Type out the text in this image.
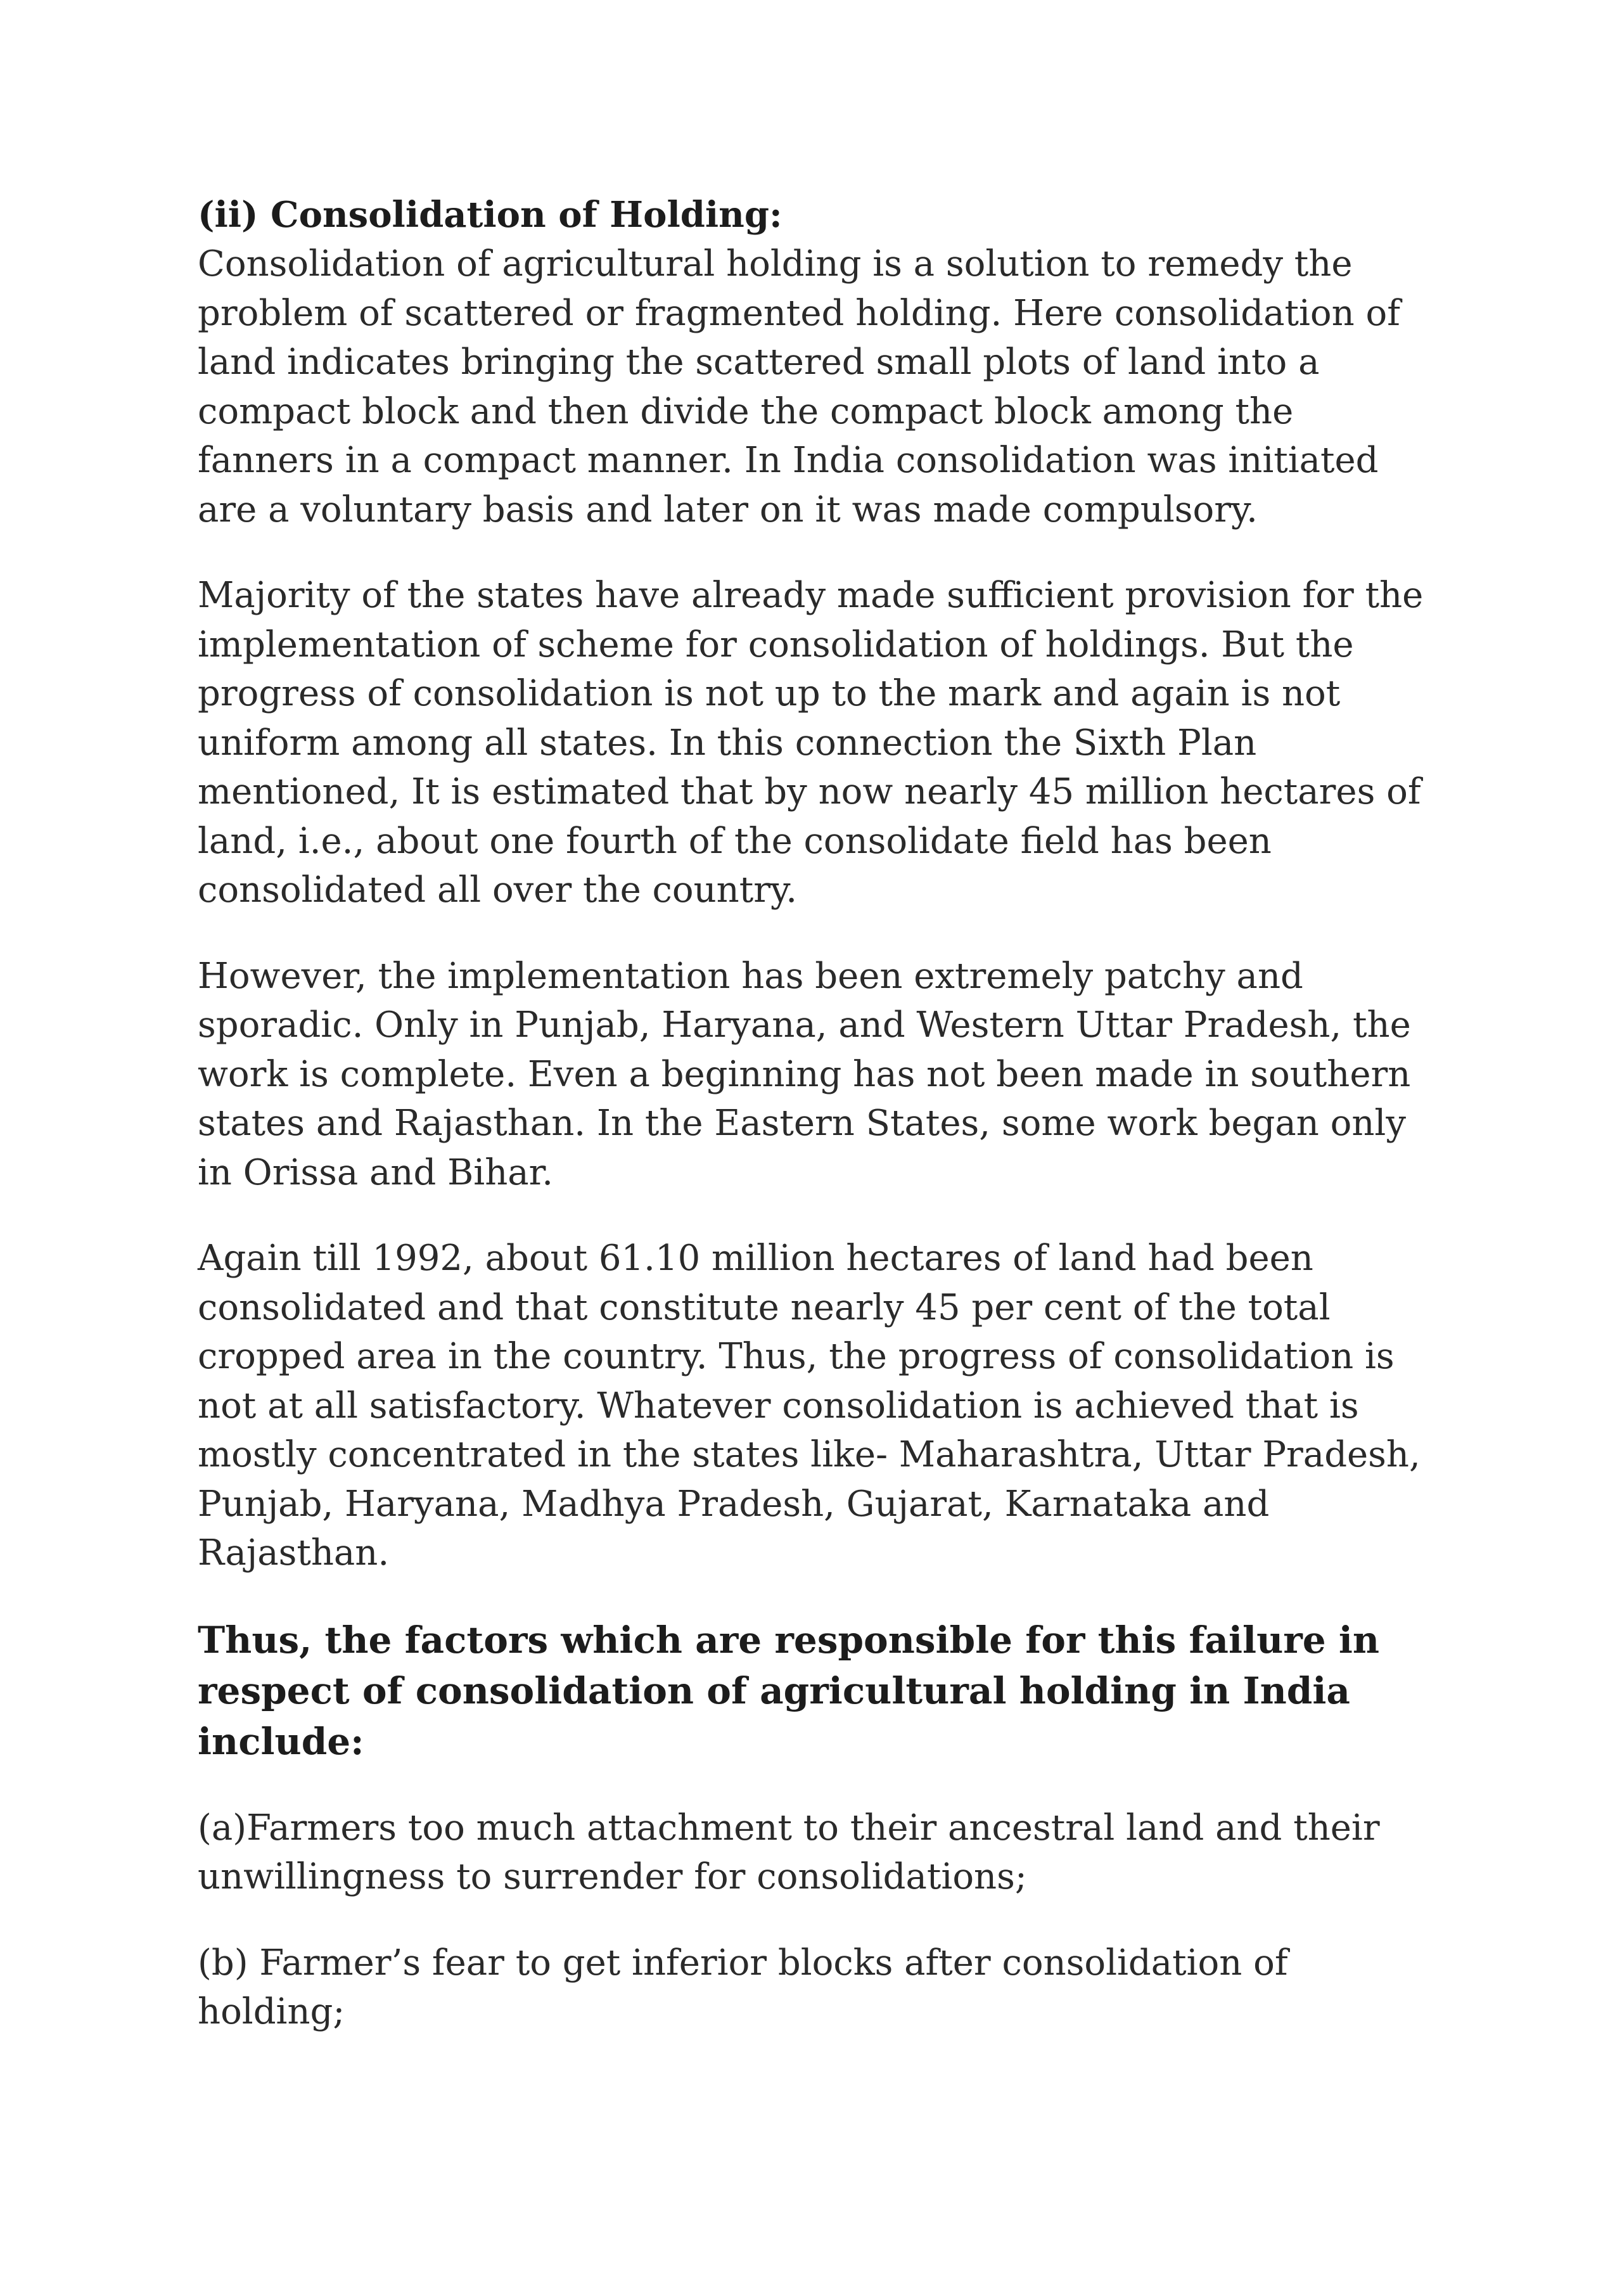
(ii) Consolidation of Holding:

Consolidation of agricultural holding is a solution to remedy the problem of scattered or fragmented holding. Here consolidation of land indicates bringing the scattered small plots of land into a compact block and then divide the compact block among the fanners in a compact manner. In India consolidation was initiated are a voluntary basis and later on it was made compulsory.

Majority of the states have already made sufficient provision for the implementation of scheme for consolidation of holdings. But the progress of consolidation is not up to the mark and again is not uniform among all states. In this connection the Sixth Plan mentioned, It is estimated that by now nearly 45 million hectares of land, i.e., about one fourth of the consolidate field has been consolidated all over the country.

However, the implementation has been extremely patchy and sporadic. Only in Punjab, Haryana, and Western Uttar Pradesh, the work is complete. Even a beginning has not been made in southern states and Rajasthan. In the Eastern States, some work began only in Orissa and Bihar.

Again till 1992, about 61.10 million hectares of land had been consolidated and that constitute nearly 45 per cent of the total cropped area in the country. Thus, the progress of consolidation is not at all satisfactory. Whatever consolidation is achieved that is mostly concentrated in the states like- Maharashtra, Uttar Pradesh, Punjab, Haryana, Madhya Pradesh, Gujarat, Karnataka and Rajasthan.

Thus, the factors which are responsible for this failure in respect of consolidation of agricultural holding in India include:

(a)Farmers too much attachment to their ancestral land and their unwillingness to surrender for consolidations;

(b) Farmer’s fear to get inferior blocks after consolidation of holding;
